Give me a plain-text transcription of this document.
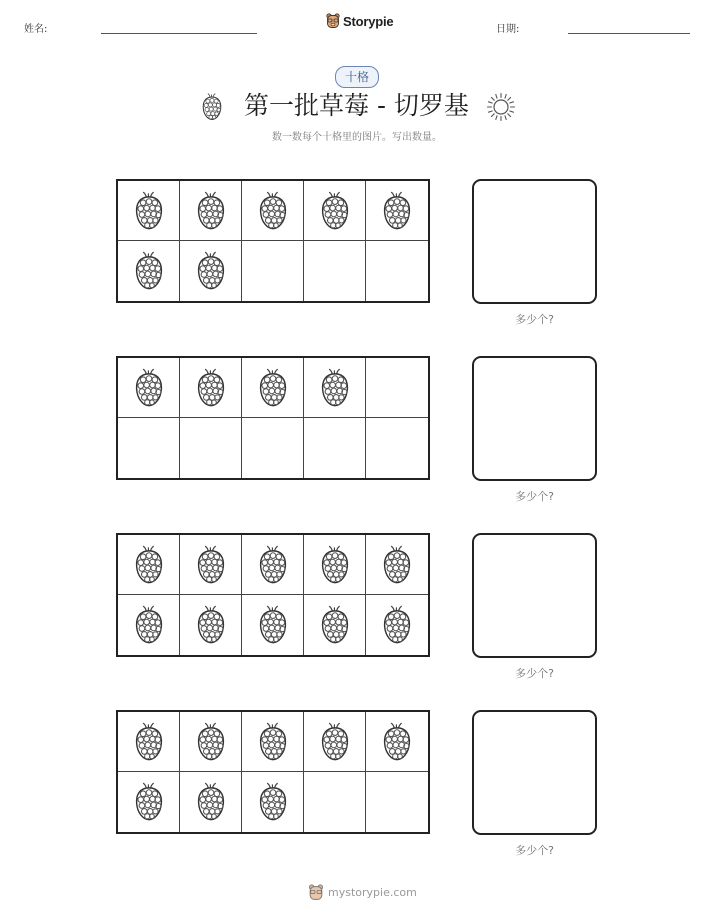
姓名:
Storypie
日期:
十格
第一批草莓 - 切罗基
数一数每个十格里的图片。写出数量。
多少个?
多少个?
多少个?
多少个?
mystorypie.com
